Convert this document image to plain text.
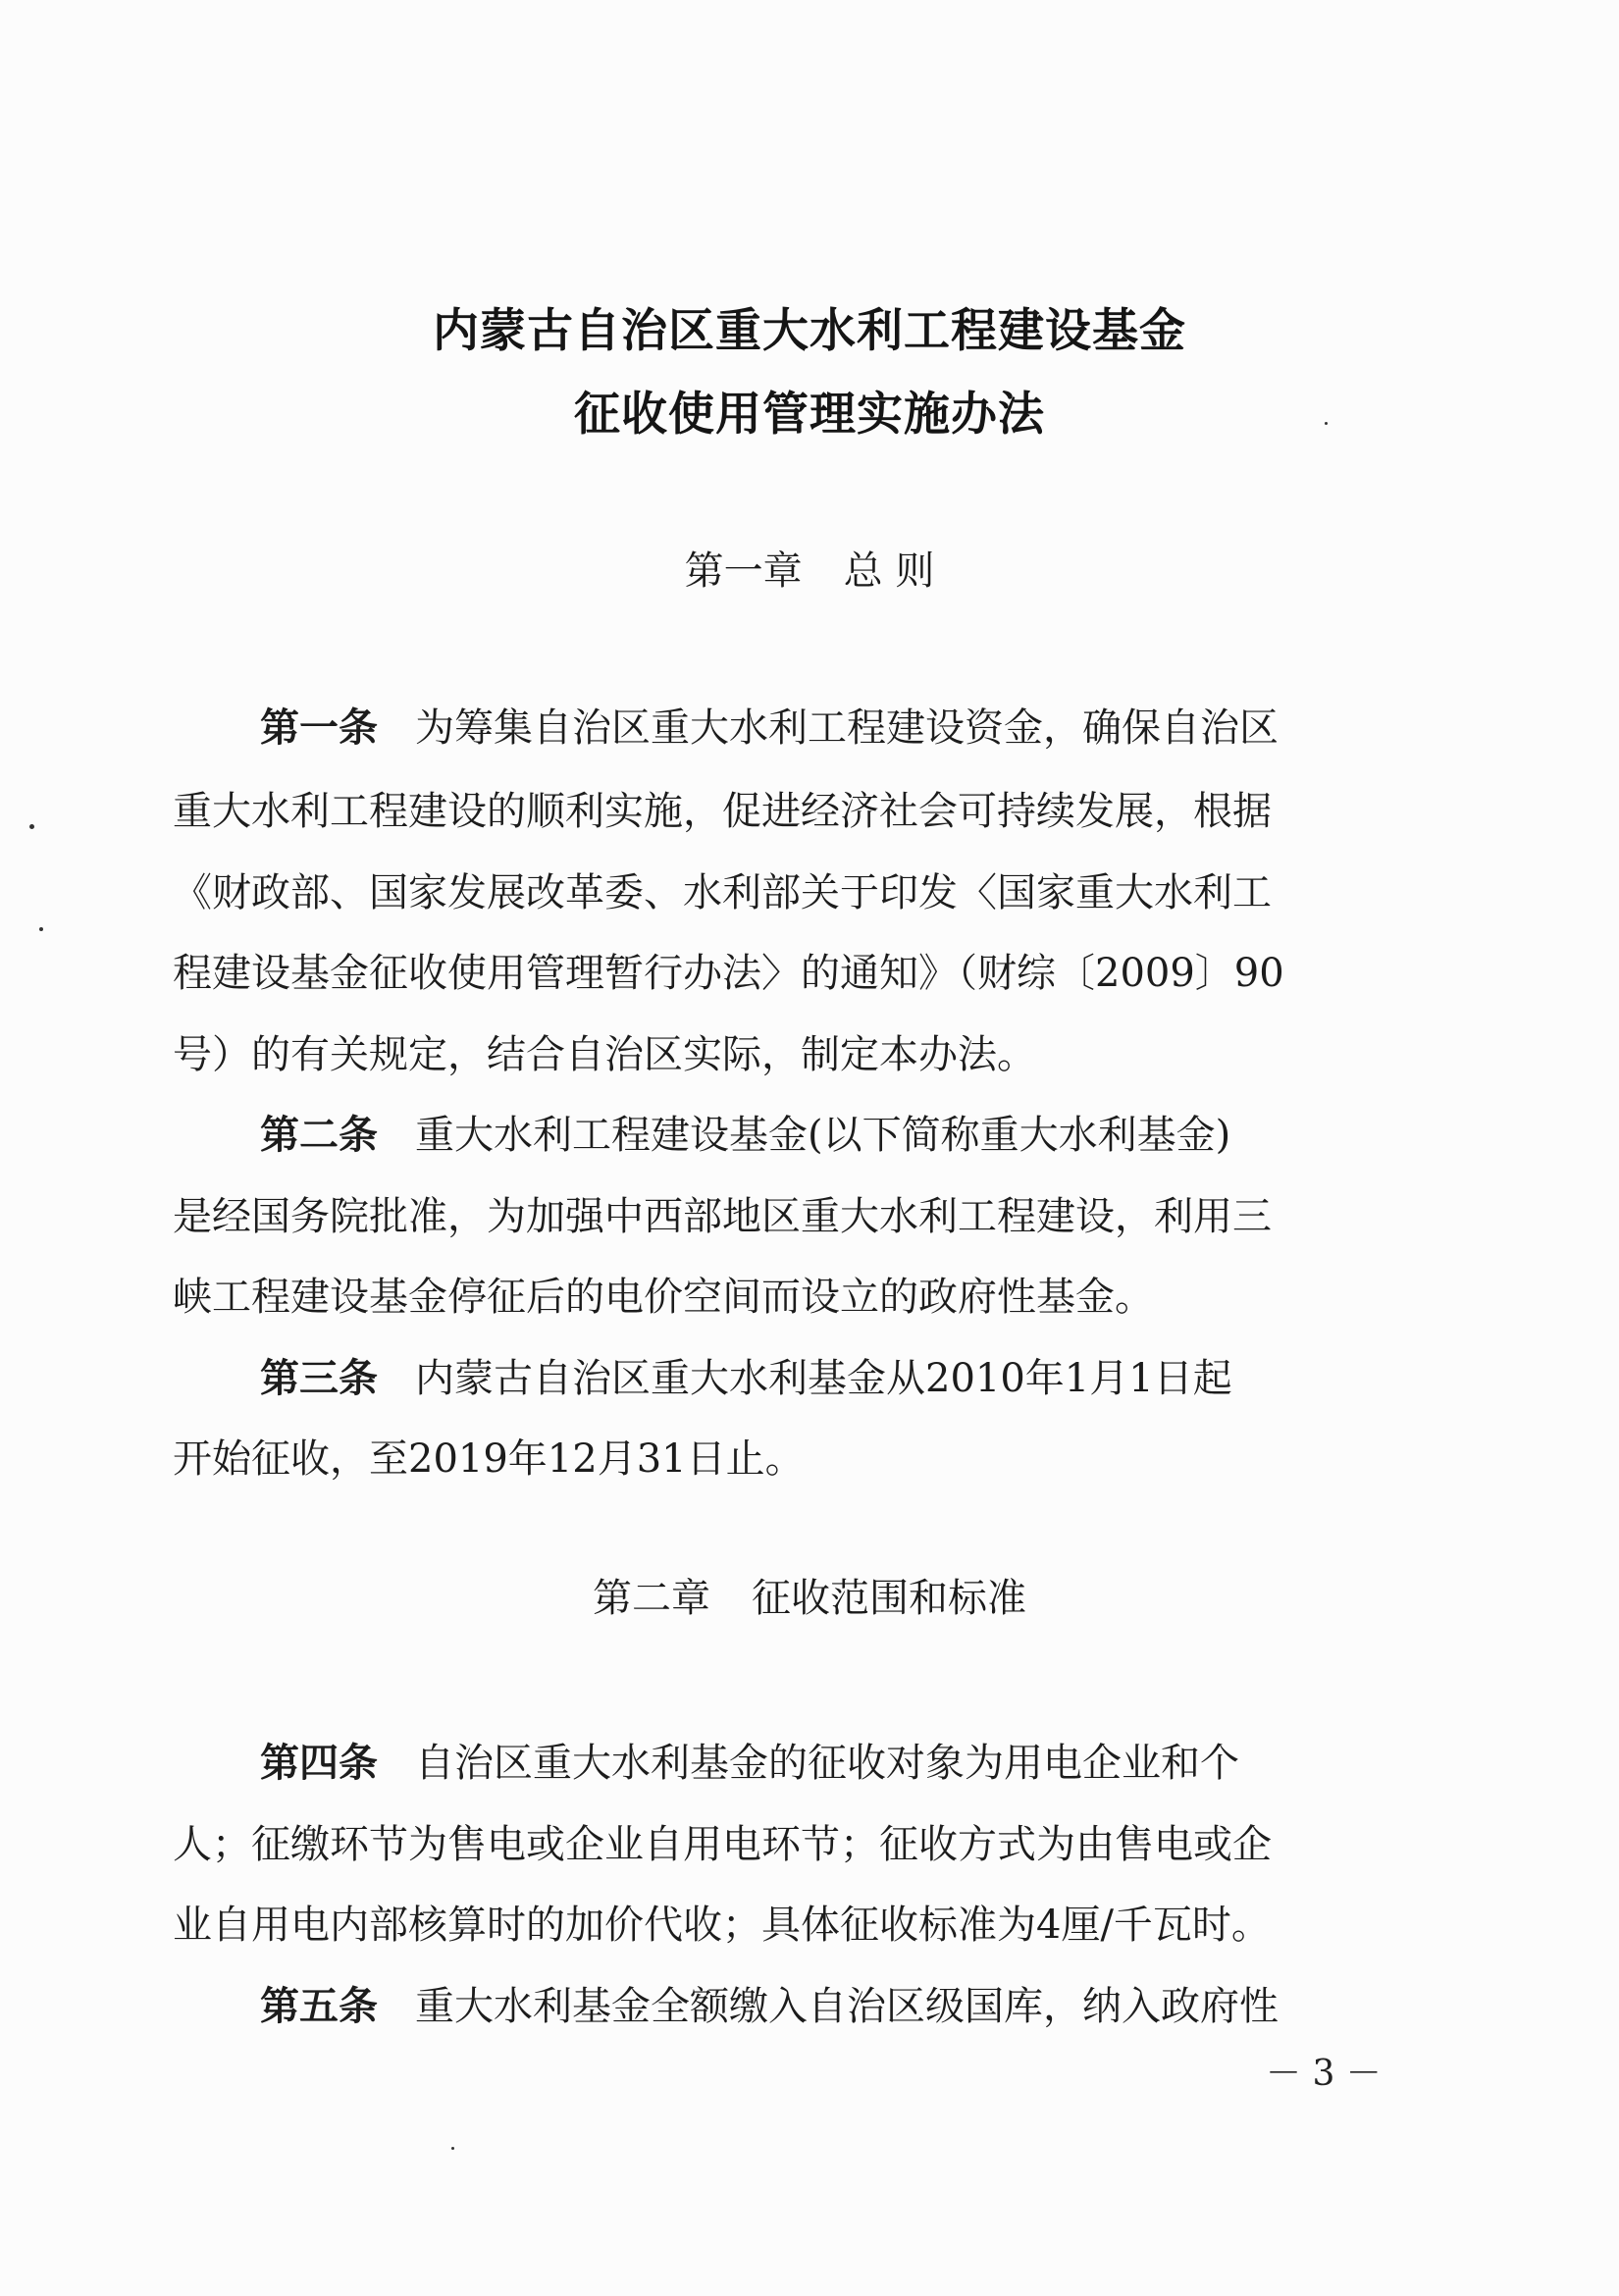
内蒙古自治区重大水利工程建设基金
征收使用管理实施办法
第一章 总 则
第一条 为筹集自治区重大水利工程建设资金，确保自治区
重大水利工程建设的顺利实施，促进经济社会可持续发展，根据
《财政部、国家发展改革委、水利部关于印发〈国家重大水利工
程建设基金征收使用管理暂行办法〉的通知》（财综〔2009〕90
号）的有关规定，结合自治区实际，制定本办法。
第二条 重大水利工程建设基金(以下简称重大水利基金)
是经国务院批准，为加强中西部地区重大水利工程建设，利用三
峡工程建设基金停征后的电价空间而设立的政府性基金。
第三条 内蒙古自治区重大水利基金从2010年1月1日起
开始征收，至2019年12月31日止。
第二章 征收范围和标准
第四条 自治区重大水利基金的征收对象为用电企业和个
人；征缴环节为售电或企业自用电环节；征收方式为由售电或企
业自用电内部核算时的加价代收；具体征收标准为4厘/千瓦时。
第五条 重大水利基金全额缴入自治区级国库，纳入政府性
－ 3 －
